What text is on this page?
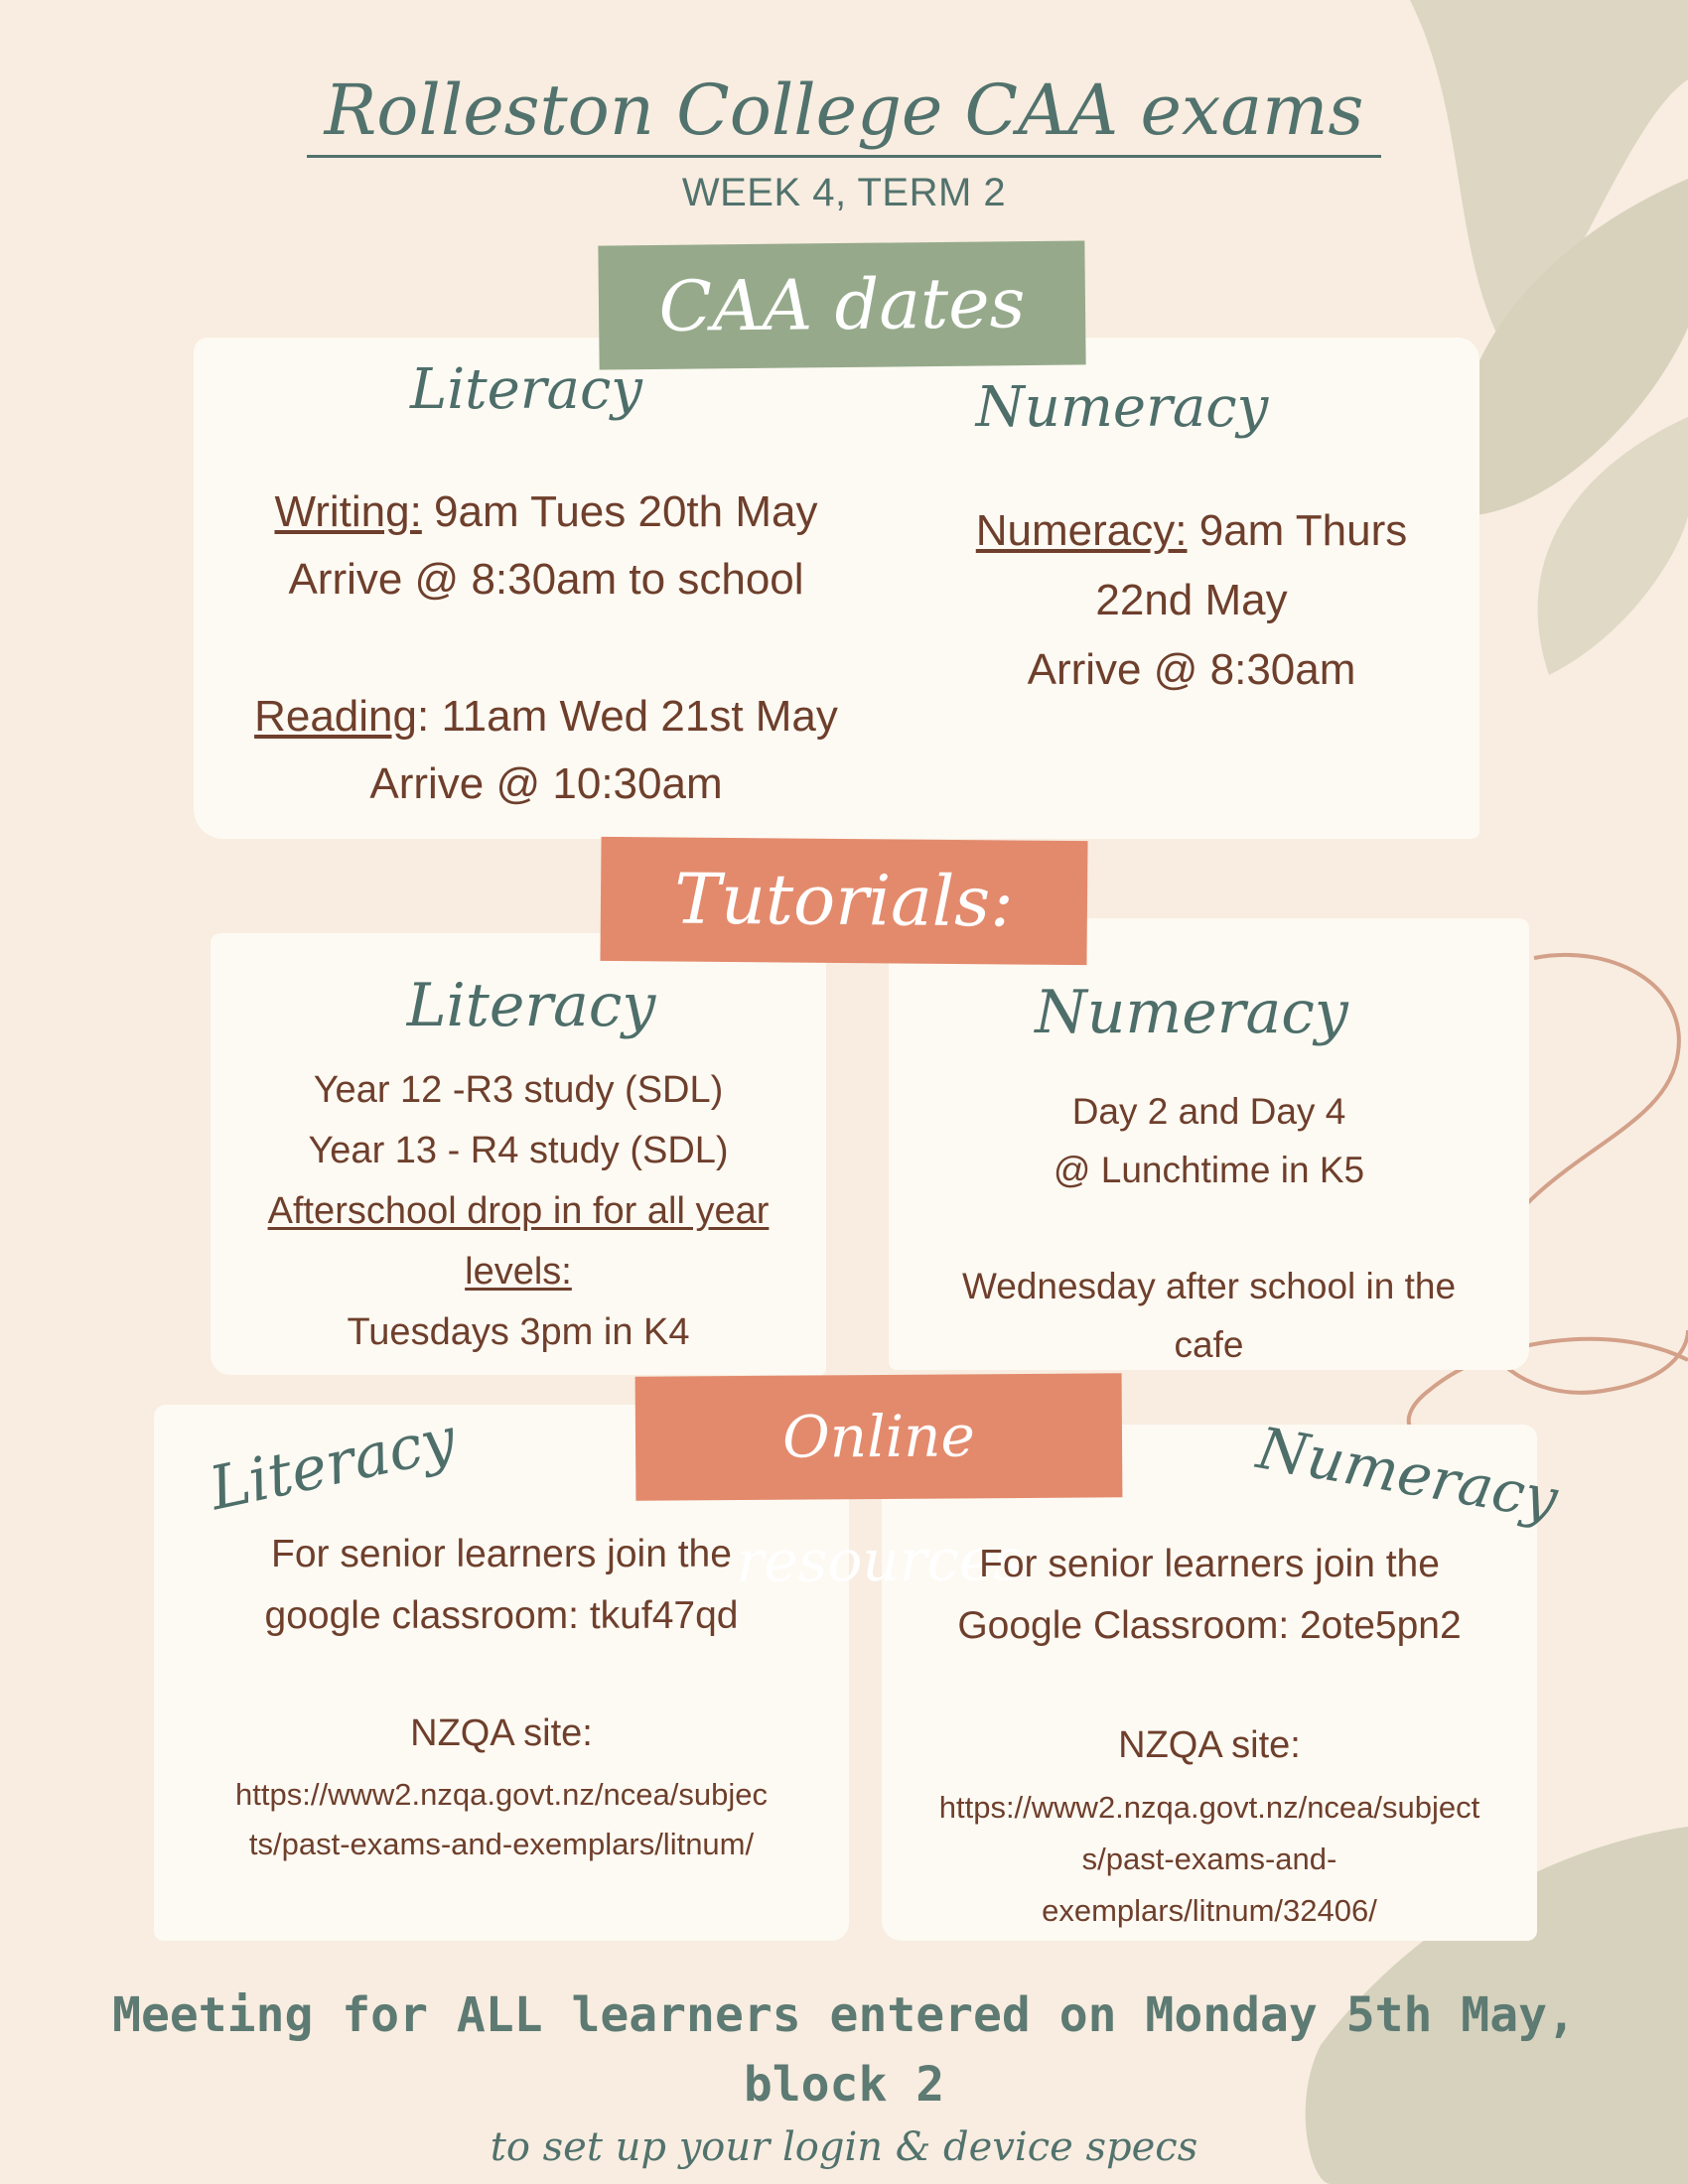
Rolleston College CAA exams
WEEK 4, TERM 2
CAA dates
Literacy	Numeracy
Writing: 9am Tues 20th May
Arrive @ 8:30am to school
Reading: 11am Wed 21st May
Arrive @ 10:30am
Numeracy: 9am Thurs
22nd May
Arrive @ 8:30am
Tutorials:
Literacy
Year 12 -R3 study (SDL)
Year 13 - R4 study (SDL)
Afterschool drop in for all year
levels:
Tuesdays 3pm in K4
Numeracy
Day 2 and Day 4
@ Lunchtime in K5
Wednesday after school in the
cafe
Online resources
Literacy	Numeracy
For senior learners join the
google classroom: tkuf47qd
NZQA site:
https://www2.nzqa.govt.nz/ncea/subjec
ts/past-exams-and-exemplars/litnum/
For senior learners join the
Google Classroom: 2ote5pn2
NZQA site:
https://www2.nzqa.govt.nz/ncea/subject
s/past-exams-and-
exemplars/litnum/32406/
Meeting for ALL learners entered on Monday 5th May,
block 2
to set up your login & device specs
